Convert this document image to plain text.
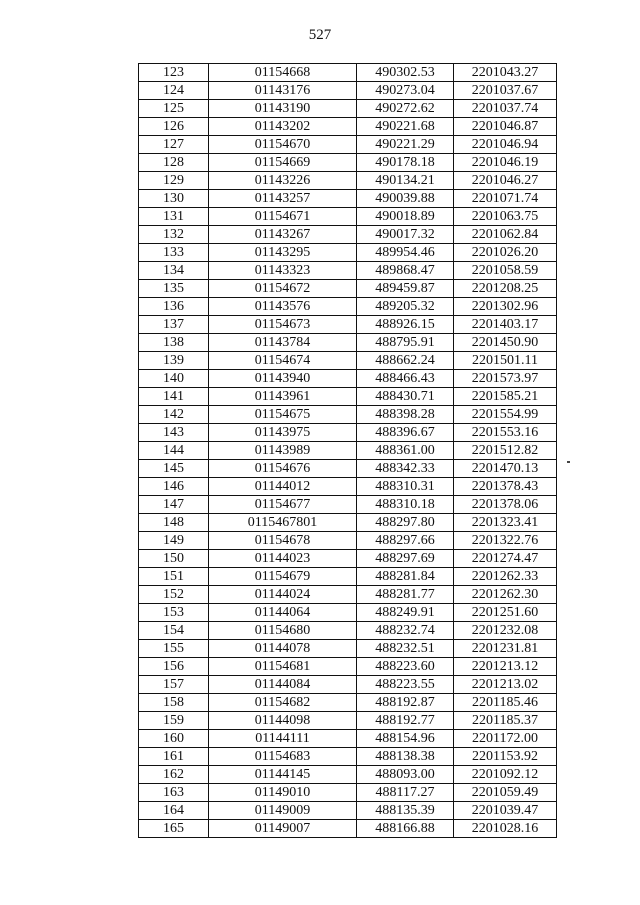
527
123	01154668	490302.53	2201043.27
124	01143176	490273.04	2201037.67
125	01143190	490272.62	2201037.74
126	01143202	490221.68	2201046.87
127	01154670	490221.29	2201046.94
128	01154669	490178.18	2201046.19
129	01143226	490134.21	2201046.27
130	01143257	490039.88	2201071.74
131	01154671	490018.89	2201063.75
132	01143267	490017.32	2201062.84
133	01143295	489954.46	2201026.20
134	01143323	489868.47	2201058.59
135	01154672	489459.87	2201208.25
136	01143576	489205.32	2201302.96
137	01154673	488926.15	2201403.17
138	01143784	488795.91	2201450.90
139	01154674	488662.24	2201501.11
140	01143940	488466.43	2201573.97
141	01143961	488430.71	2201585.21
142	01154675	488398.28	2201554.99
143	01143975	488396.67	2201553.16
144	01143989	488361.00	2201512.82
145	01154676	488342.33	2201470.13
146	01144012	488310.31	2201378.43
147	01154677	488310.18	2201378.06
148	0115467801	488297.80	2201323.41
149	01154678	488297.66	2201322.76
150	01144023	488297.69	2201274.47
151	01154679	488281.84	2201262.33
152	01144024	488281.77	2201262.30
153	01144064	488249.91	2201251.60
154	01154680	488232.74	2201232.08
155	01144078	488232.51	2201231.81
156	01154681	488223.60	2201213.12
157	01144084	488223.55	2201213.02
158	01154682	488192.87	2201185.46
159	01144098	488192.77	2201185.37
160	01144111	488154.96	2201172.00
161	01154683	488138.38	2201153.92
162	01144145	488093.00	2201092.12
163	01149010	488117.27	2201059.49
164	01149009	488135.39	2201039.47
165	01149007	488166.88	2201028.16
